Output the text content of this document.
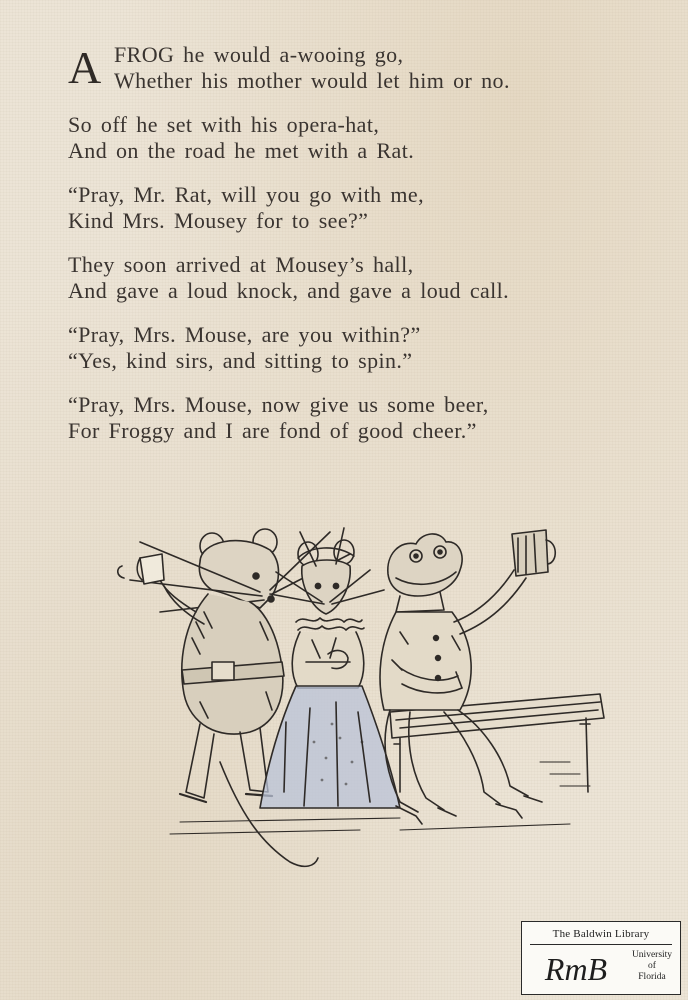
A FROG he would a-wooing go,
Whether his mother would let him or no.
So off he set with his opera-hat,
And on the road he met with a Rat.
“Pray, Mr. Rat, will you go with me,
Kind Mrs. Mousey for to see?”
They soon arrived at Mousey’s hall,
And gave a loud knock, and gave a loud call.
“Pray, Mrs. Mouse, are you within?”
“Yes, kind sirs, and sitting to spin.”
“Pray, Mrs. Mouse, now give us some beer,
For Froggy and I are fond of good cheer.”
The Baldwin Library
RmB	University
of
Florida
